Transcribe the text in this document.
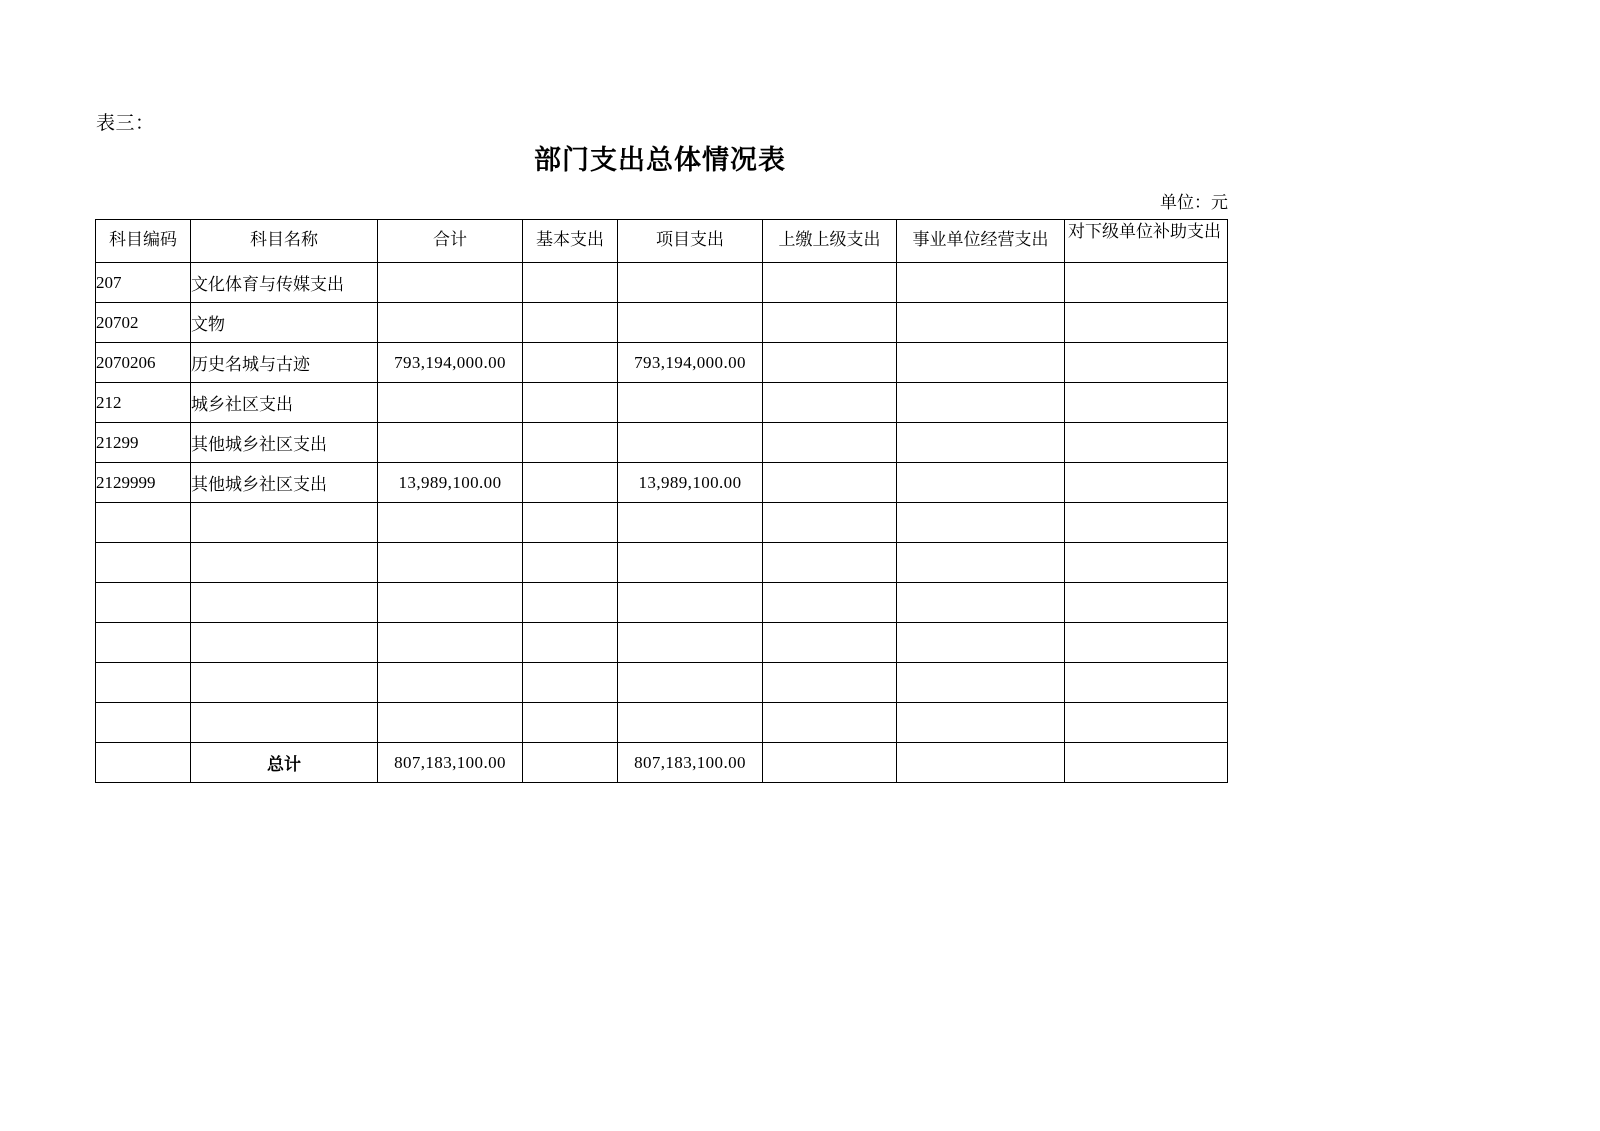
表三：
部门支出总体情况表
单位：元
科目编码	科目名称	合计	基本支出	项目支出	上缴上级支出	事业单位经营支出	对下级单位补助支出
207	文化体育与传媒支出						
20702	文物						
2070206	历史名城与古迹	793,194,000.00		793,194,000.00			
212	城乡社区支出						
21299	其他城乡社区支出						
2129999	其他城乡社区支出	13,989,100.00		13,989,100.00			

	总计	807,183,100.00		807,183,100.00			
